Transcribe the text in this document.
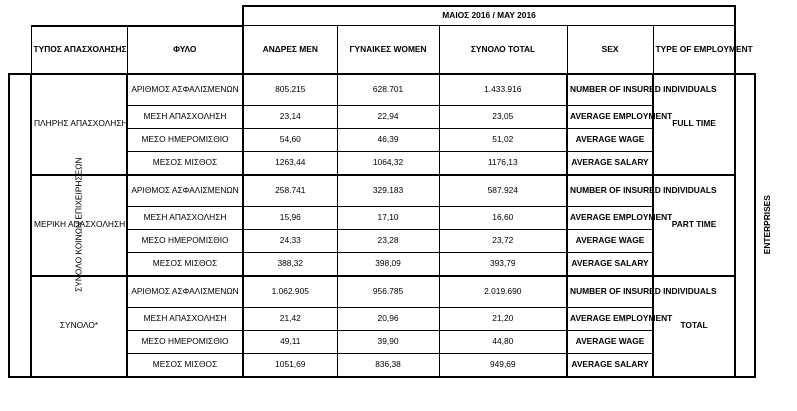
			ΜΑΙΟΣ 2016 / MAY 2016					
	ΤΥΠΟΣ ΑΠΑΣΧΟΛΗΣΗΣ	ΦΥΛΟ	ΑΝΔΡΕΣ MEN	ΓΥΝΑΙΚΕΣ WOMEN	ΣΥΝΟΛΟ TOTAL	SEX	TYPE OF EMPLOYMENT	
ΣΥΝΟΛΟ ΚΟΙΝΩΝ ΕΠΙΧΕΙΡΗΣΕΩΝ	ΠΛΗΡΗΣ ΑΠΑΣΧΟΛΗΣΗ	ΑΡΙΘΜΟΣ ΑΣΦΑΛΙΣΜΕΝΩΝ	805.215	628.701	1.433.916	NUMBER OF INSURED INDIVIDUALS	FULL TIME	ENTERPRISES
		ΜΕΣΗ ΑΠΑΣΧΟΛΗΣΗ	23,14	22,94	23,05	AVERAGE EMPLOYMENT		
		ΜΕΣΟ ΗΜΕΡΟΜΙΣΘΙΟ	54,60	46,39	51,02	AVERAGE WAGE		
		ΜΕΣΟΣ ΜΙΣΘΟΣ	1263,44	1064,32	1176,13	AVERAGE SALARY		
	ΜΕΡΙΚΗ ΑΠΑΣΧΟΛΗΣΗ	ΑΡΙΘΜΟΣ ΑΣΦΑΛΙΣΜΕΝΩΝ	258.741	329.183	587.924	NUMBER OF INSURED INDIVIDUALS	PART TIME	
		ΜΕΣΗ ΑΠΑΣΧΟΛΗΣΗ	15,96	17,10	16,60	AVERAGE EMPLOYMENT		
		ΜΕΣΟ ΗΜΕΡΟΜΙΣΘΙΟ	24,33	23,28	23,72	AVERAGE WAGE		
		ΜΕΣΟΣ ΜΙΣΘΟΣ	388,32	398,09	393,79	AVERAGE SALARY		
	ΣΥΝΟΛΟ*	ΑΡΙΘΜΟΣ ΑΣΦΑΛΙΣΜΕΝΩΝ	1.062.905	956.785	2.019.690	NUMBER OF INSURED INDIVIDUALS	TOTAL	
		ΜΕΣΗ ΑΠΑΣΧΟΛΗΣΗ	21,42	20,96	21,20	AVERAGE EMPLOYMENT		
		ΜΕΣΟ ΗΜΕΡΟΜΙΣΘΙΟ	49,11	39,90	44,80	AVERAGE WAGE		
		ΜΕΣΟΣ ΜΙΣΘΟΣ	1051,69	836,38	949,69	AVERAGE SALARY		
